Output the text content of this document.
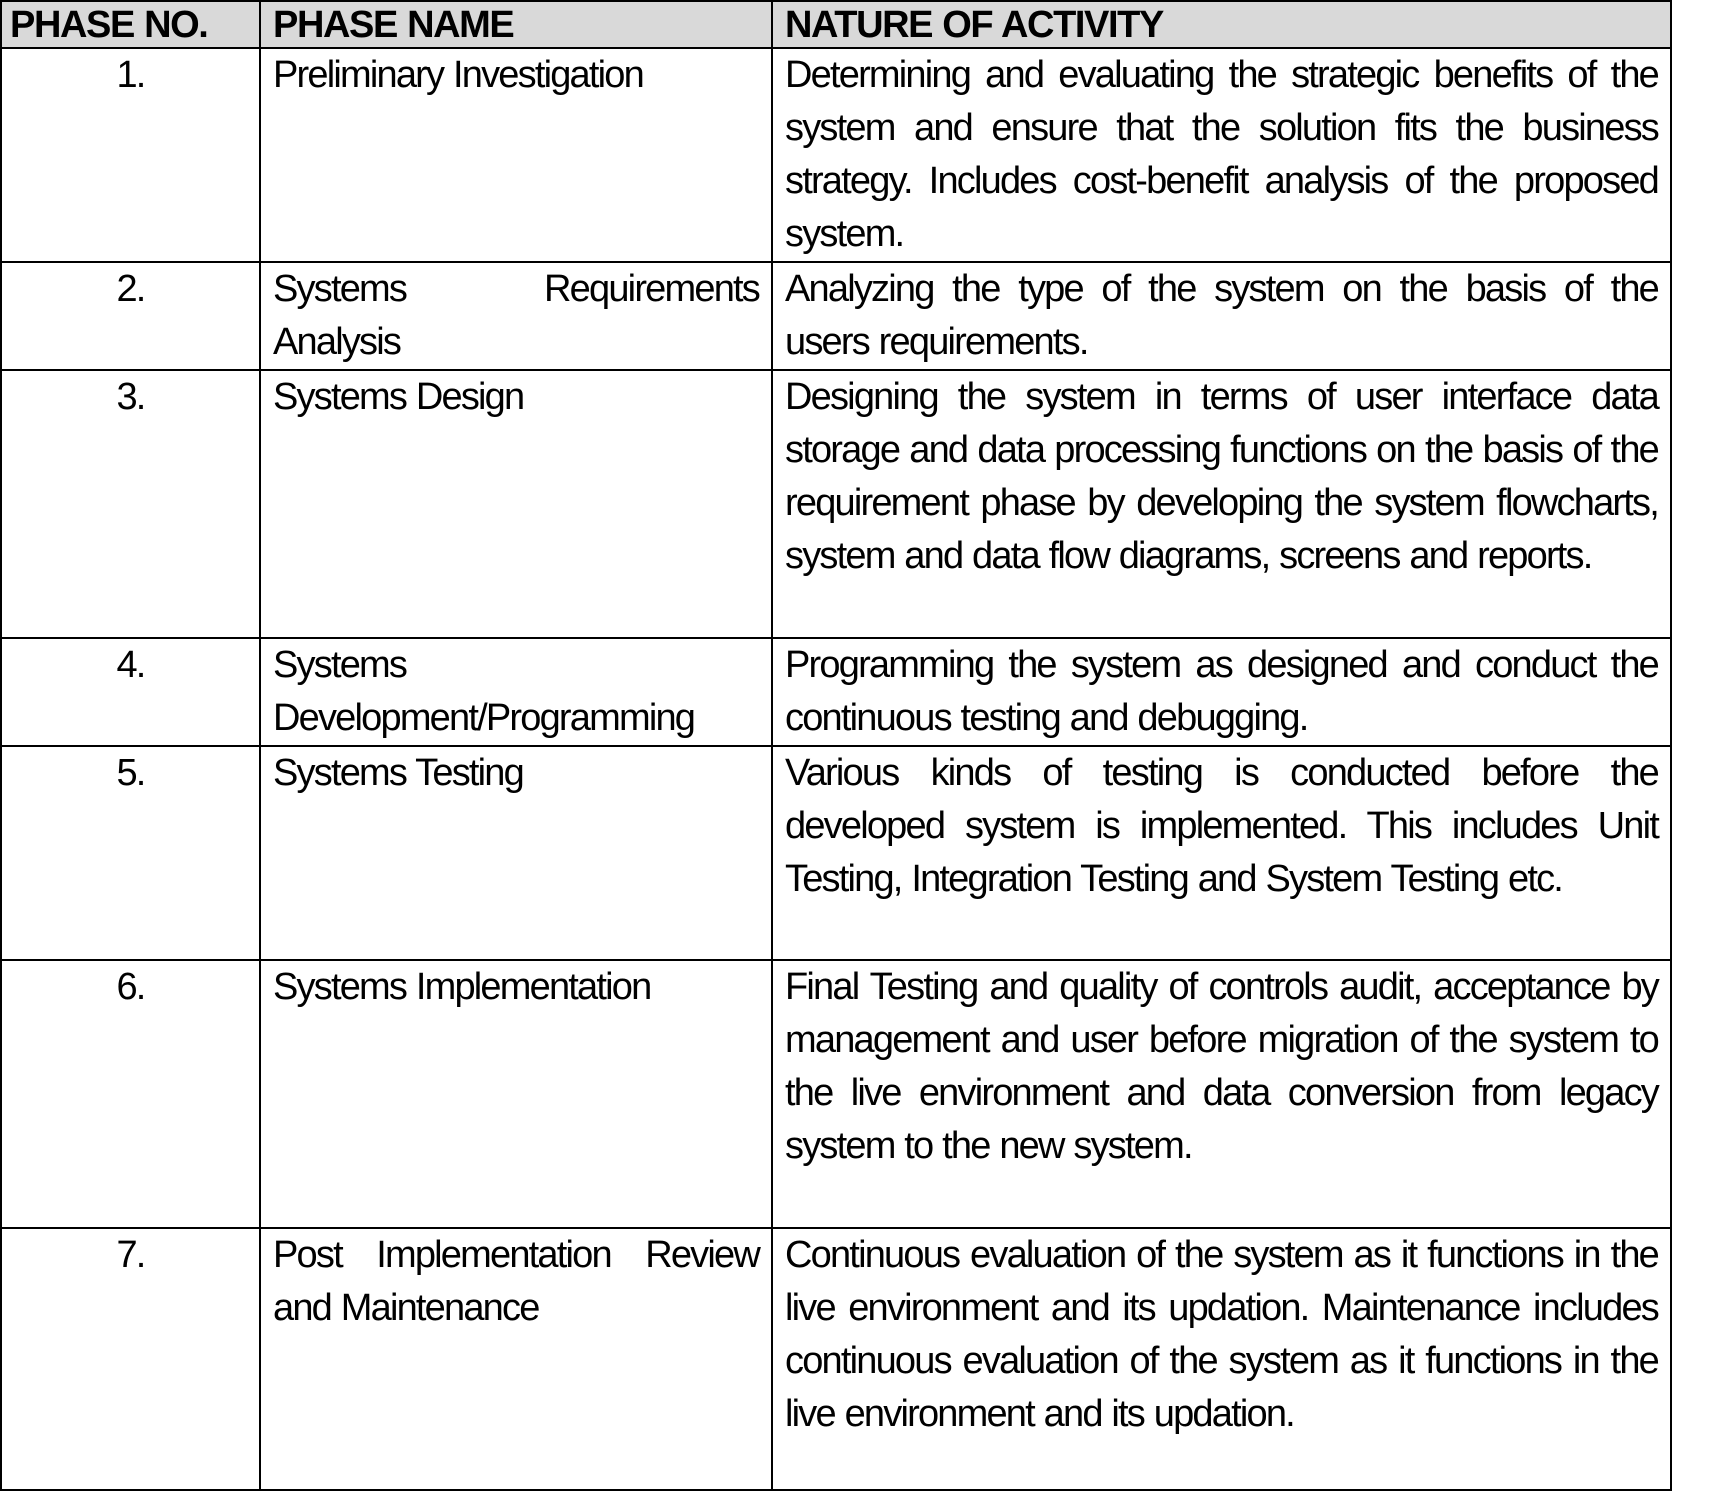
PHASE NO.	PHASE NAME	NATURE OF ACTIVITY
1.	Preliminary Investigation	Determining and evaluating the strategic benefits of the system and ensure that the solution fits the business strategy. Includes cost-benefit analysis of the proposed system.
2.	Systems Requirements Analysis	Analyzing the type of the system on the basis of the users requirements.
3.	Systems Design	Designing the system in terms of user interface data storage and data processing functions on the basis of the requirement phase by developing the system flowcharts, system and data flow diagrams, screens and reports.
4.	Systems Development/Programming	Programming the system as designed and conduct the continuous testing and debugging.
5.	Systems Testing	Various kinds of testing is conducted before the developed system is implemented. This includes Unit Testing, Integration Testing and System Testing etc.
6.	Systems Implementation	Final Testing and quality of controls audit, acceptance by management and user before migration of the system to the live environment and data conversion from legacy system to the new system.
7.	Post Implementation Review and Maintenance	Continuous evaluation of the system as it functions in the live environment and its updation. Maintenance includes continuous evaluation of the system as it functions in the live environment and its updation.
